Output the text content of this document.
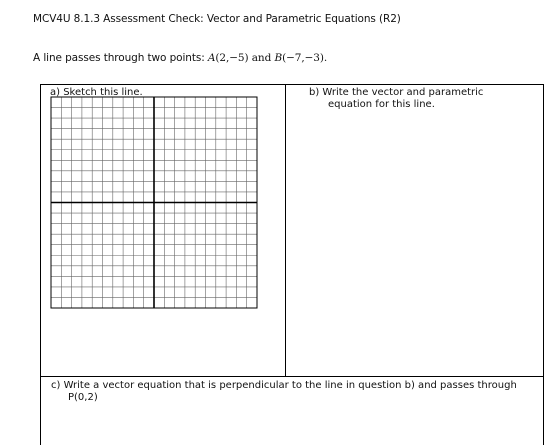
MCV4U 8.1.3 Assessment Check: Vector and Parametric Equations (R2)
A line passes through two points: A(2,−5) and B(−7,−3).
a) Sketch this line.	b) Write the vector and parametric
equation for this line.
c) Write a vector equation that is perpendicular to the line in question b) and passes through
P(0,2)
